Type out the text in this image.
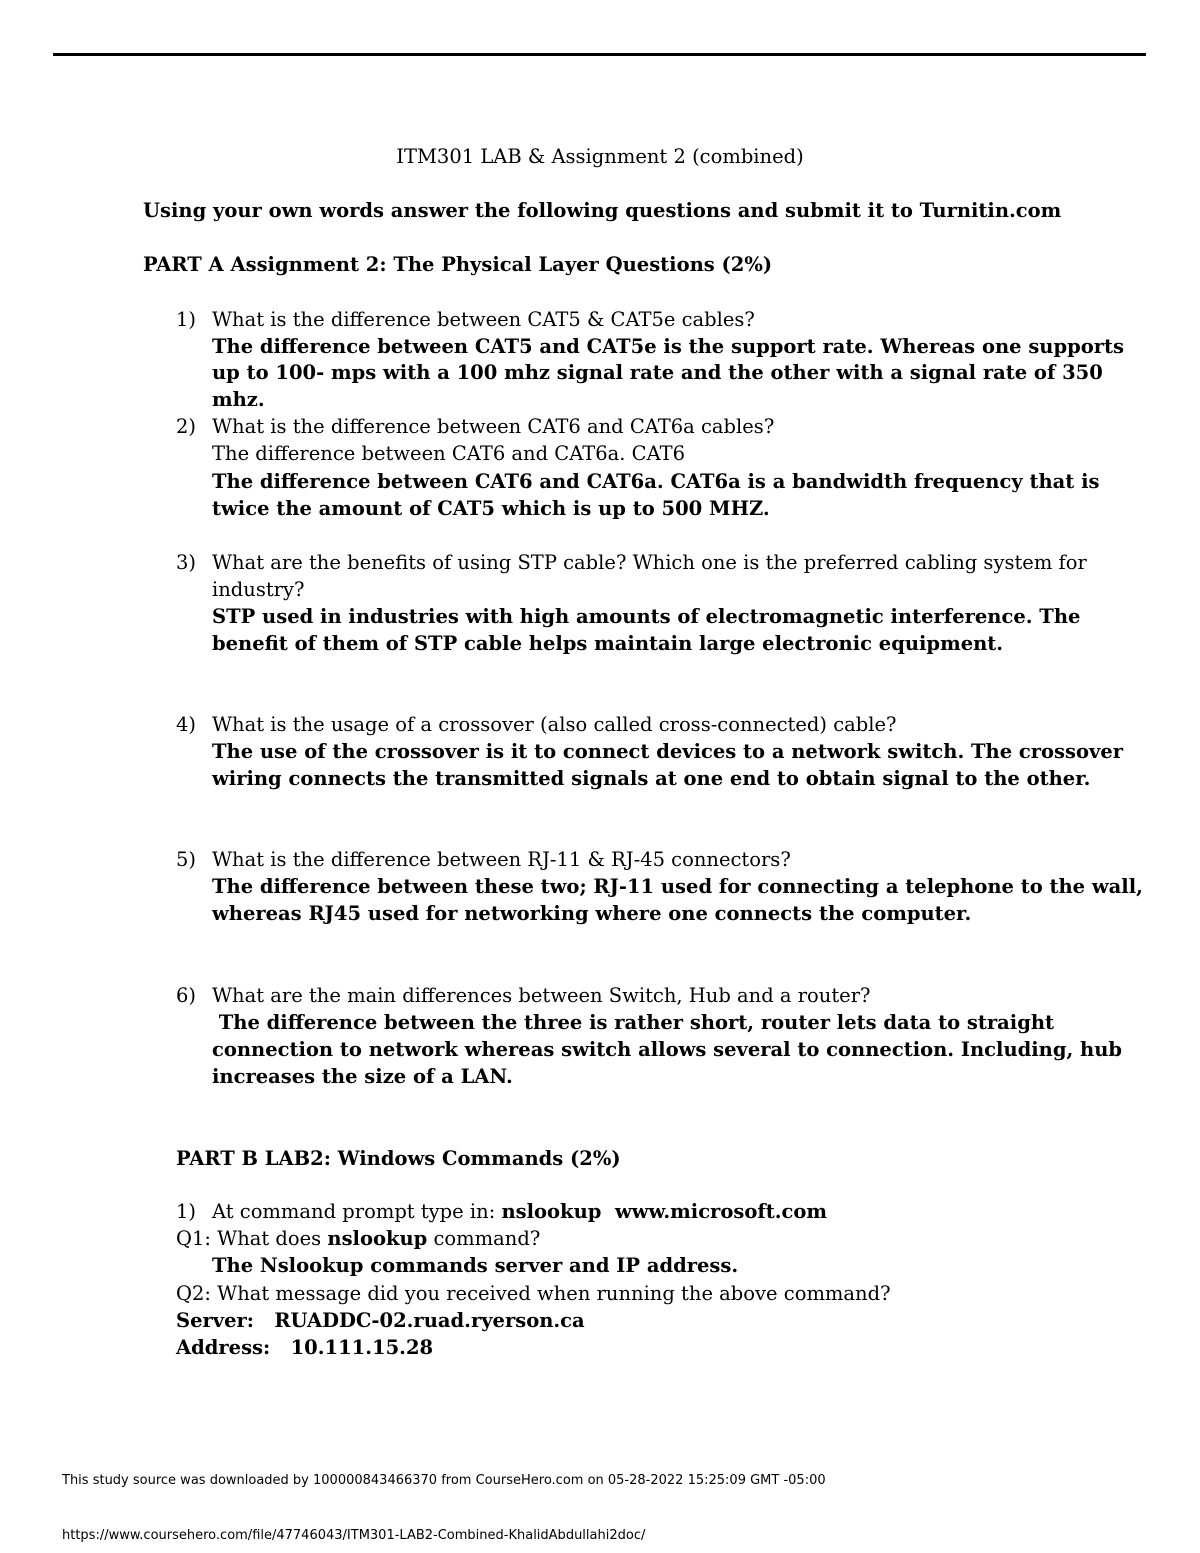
ITM301 LAB & Assignment 2 (combined)
Using your own words answer the following questions and submit it to Turnitin.com
PART A Assignment 2: The Physical Layer Questions (2%)
1) What is the difference between CAT5 & CAT5e cables?
The difference between CAT5 and CAT5e is the support rate. Whereas one supports
up to 100- mps with a 100 mhz signal rate and the other with a signal rate of 350
mhz.
2) What is the difference between CAT6 and CAT6a cables?
The difference between CAT6 and CAT6a. CAT6
The difference between CAT6 and CAT6a. CAT6a is a bandwidth frequency that is
twice the amount of CAT5 which is up to 500 MHZ.
3) What are the benefits of using STP cable? Which one is the preferred cabling system for
industry?
STP used in industries with high amounts of electromagnetic interference. The
benefit of them of STP cable helps maintain large electronic equipment.
4) What is the usage of a crossover (also called cross-connected) cable?
The use of the crossover is it to connect devices to a network switch. The crossover
wiring connects the transmitted signals at one end to obtain signal to the other.
5) What is the difference between RJ-11 & RJ-45 connectors?
The difference between these two; RJ-11 used for connecting a telephone to the wall,
whereas RJ45 used for networking where one connects the computer.
6) What are the main differences between Switch, Hub and a router?
The difference between the three is rather short, router lets data to straight
connection to network whereas switch allows several to connection. Including, hub
increases the size of a LAN.
PART B LAB2: Windows Commands (2%)
1) At command prompt type in: nslookup  www.microsoft.com
Q1: What does nslookup command?
The Nslookup commands server and IP address.
Q2: What message did you received when running the above command?
Server:   RUADDC-02.ruad.ryerson.ca
Address:   10.111.15.28
This study source was downloaded by 100000843466370 from CourseHero.com on 05-28-2022 15:25:09 GMT -05:00
https://www.coursehero.com/file/47746043/ITM301-LAB2-Combined-KhalidAbdullahi2doc/
